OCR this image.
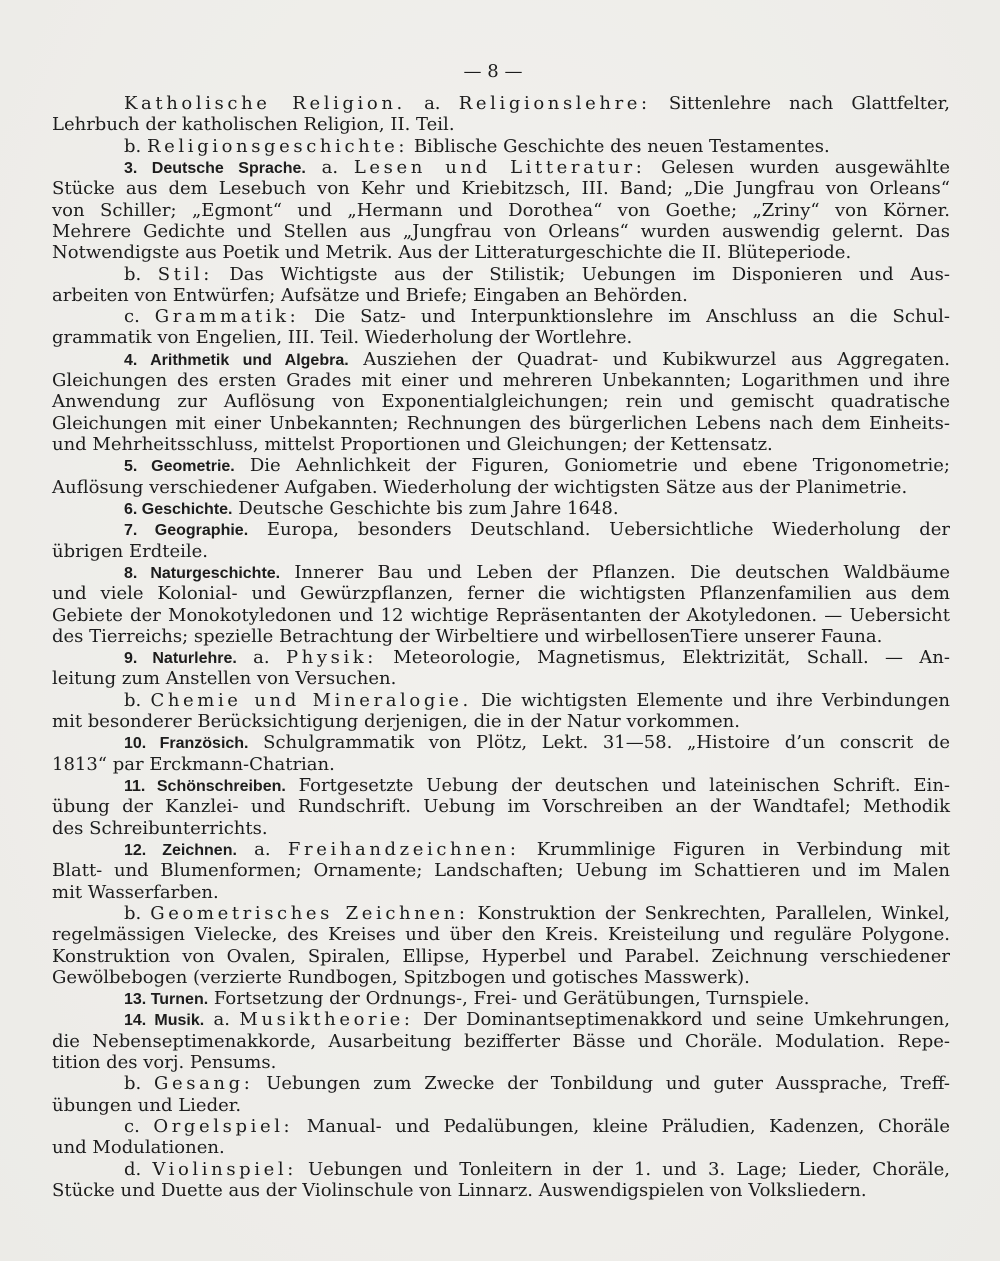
— 8 —
Katholische Religion. a. Religionslehre: Sittenlehre nach Glattfelter,
Lehrbuch der katholischen Religion, II. Teil.
b. Religionsgeschichte: Biblische Geschichte des neuen Testamentes.
3. Deutsche Sprache. a. Lesen und Litteratur: Gelesen wurden ausgewählte
Stücke aus dem Lesebuch von Kehr und Kriebitzsch, III. Band; „Die Jungfrau von Orleans“
von Schiller; „Egmont“ und „Hermann und Dorothea“ von Goethe; „Zriny“ von Körner.
Mehrere Gedichte und Stellen aus „Jungfrau von Orleans“ wurden auswendig gelernt. Das
Notwendigste aus Poetik und Metrik. Aus der Litteraturgeschichte die II. Blüteperiode.
b. Stil: Das Wichtigste aus der Stilistik; Uebungen im Disponieren und Aus-
arbeiten von Entwürfen; Aufsätze und Briefe; Eingaben an Behörden.
c. Grammatik: Die Satz- und Interpunktionslehre im Anschluss an die Schul-
grammatik von Engelien, III. Teil. Wiederholung der Wortlehre.
4. Arithmetik und Algebra. Ausziehen der Quadrat- und Kubikwurzel aus Aggregaten.
Gleichungen des ersten Grades mit einer und mehreren Unbekannten; Logarithmen und ihre
Anwendung zur Auflösung von Exponentialgleichungen; rein und gemischt quadratische
Gleichungen mit einer Unbekannten; Rechnungen des bürgerlichen Lebens nach dem Einheits-
und Mehrheitsschluss, mittelst Proportionen und Gleichungen; der Kettensatz.
5. Geometrie. Die Aehnlichkeit der Figuren, Goniometrie und ebene Trigonometrie;
Auflösung verschiedener Aufgaben. Wiederholung der wichtigsten Sätze aus der Planimetrie.
6. Geschichte. Deutsche Geschichte bis zum Jahre 1648.
7. Geographie. Europa, besonders Deutschland. Uebersichtliche Wiederholung der
übrigen Erdteile.
8. Naturgeschichte. Innerer Bau und Leben der Pflanzen. Die deutschen Waldbäume
und viele Kolonial- und Gewürzpflanzen, ferner die wichtigsten Pflanzenfamilien aus dem
Gebiete der Monokotyledonen und 12 wichtige Repräsentanten der Akotyledonen. — Uebersicht
des Tierreichs; spezielle Betrachtung der Wirbeltiere und wirbellosenTiere unserer Fauna.
9. Naturlehre. a. Physik: Meteorologie, Magnetismus, Elektrizität, Schall. — An-
leitung zum Anstellen von Versuchen.
b. Chemie und Mineralogie. Die wichtigsten Elemente und ihre Verbindungen
mit besonderer Berücksichtigung derjenigen, die in der Natur vorkommen.
10. Französich. Schulgrammatik von Plötz, Lekt. 31—58. „Histoire d’un conscrit de
1813“ par Erckmann-Chatrian.
11. Schönschreiben. Fortgesetzte Uebung der deutschen und lateinischen Schrift. Ein-
übung der Kanzlei- und Rundschrift. Uebung im Vorschreiben an der Wandtafel; Methodik
des Schreibunterrichts.
12. Zeichnen. a. Freihandzeichnen: Krummlinige Figuren in Verbindung mit
Blatt- und Blumenformen; Ornamente; Landschaften; Uebung im Schattieren und im Malen
mit Wasserfarben.
b. Geometrisches Zeichnen: Konstruktion der Senkrechten, Parallelen, Winkel,
regelmässigen Vielecke, des Kreises und über den Kreis. Kreisteilung und reguläre Polygone.
Konstruktion von Ovalen, Spiralen, Ellipse, Hyperbel und Parabel. Zeichnung verschiedener
Gewölbebogen (verzierte Rundbogen, Spitzbogen und gotisches Masswerk).
13. Turnen. Fortsetzung der Ordnungs-, Frei- und Gerätübungen, Turnspiele.
14. Musik. a. Musiktheorie: Der Dominantseptimenakkord und seine Umkehrungen,
die Nebenseptimenakkorde, Ausarbeitung bezifferter Bässe und Choräle. Modulation. Repe-
tition des vorj. Pensums.
b. Gesang: Uebungen zum Zwecke der Tonbildung und guter Aussprache, Treff-
übungen und Lieder.
c. Orgelspiel: Manual- und Pedalübungen, kleine Präludien, Kadenzen, Choräle
und Modulationen.
d. Violinspiel: Uebungen und Tonleitern in der 1. und 3. Lage; Lieder, Choräle,
Stücke und Duette aus der Violinschule von Linnarz. Auswendigspielen von Volksliedern.
